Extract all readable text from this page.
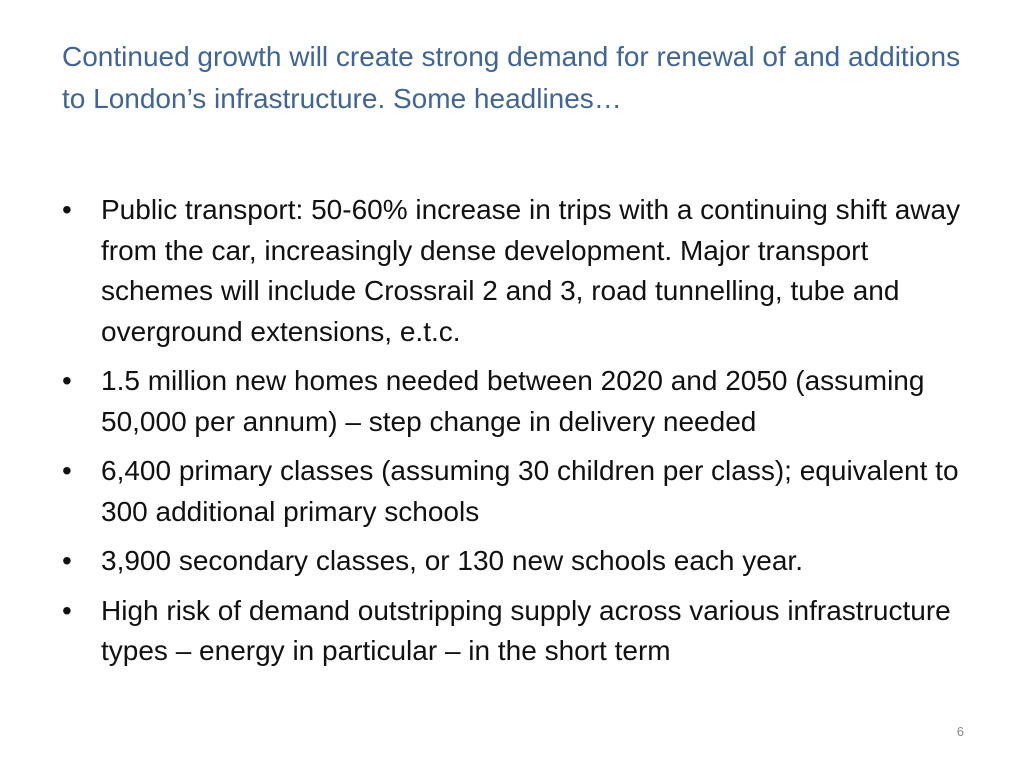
Continued growth will create strong demand for renewal of and additions to London’s infrastructure. Some headlines…
•	Public transport: 50-60% increase in trips with a continuing shift away from the car, increasingly dense development. Major transport schemes will include Crossrail 2 and 3, road tunnelling, tube and overground extensions, e.t.c.
•	1.5 million new homes needed between 2020 and 2050 (assuming 50,000 per annum) – step change in delivery needed
•	6,400 primary classes (assuming 30 children per class); equivalent to 300 additional primary schools
•	3,900 secondary classes, or 130 new schools each year.
•	High risk of demand outstripping supply across various infrastructure types – energy in particular – in the short term
6
